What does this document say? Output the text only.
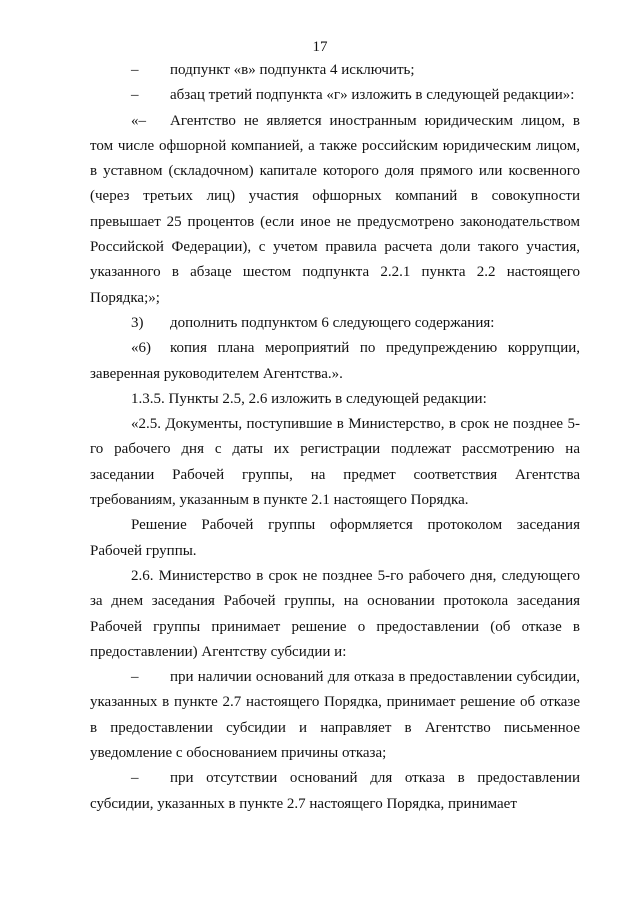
17

– подпункт «в» подпункта 4 исключить;

– абзац третий подпункта «г» изложить в следующей редакции»:

«– Агентство не является иностранным юридическим лицом, в том числе офшорной компанией, а также российским юридическим лицом, в уставном (складочном) капитале которого доля прямого или косвенного (через третьих лиц) участия офшорных компаний в совокупности превышает 25 процентов (если иное не предусмотрено законодательством Российской Федерации), с учетом правила расчета доли такого участия, указанного в абзаце шестом подпункта 2.2.1 пункта 2.2 настоящего Порядка;»;

3) дополнить подпунктом 6 следующего содержания:

«6) копия плана мероприятий по предупреждению коррупции, заверенная руководителем Агентства.».

1.3.5. Пункты 2.5, 2.6 изложить в следующей редакции:

«2.5. Документы, поступившие в Министерство, в срок не позднее 5-го рабочего дня с даты их регистрации подлежат рассмотрению на заседании Рабочей группы, на предмет соответствия Агентства требованиям, указанным в пункте 2.1 настоящего Порядка.

Решение Рабочей группы оформляется протоколом заседания Рабочей группы.

2.6. Министерство в срок не позднее 5-го рабочего дня, следующего за днем заседания Рабочей группы, на основании протокола заседания Рабочей группы принимает решение о предоставлении (об отказе в предоставлении) Агентству субсидии и:

– при наличии оснований для отказа в предоставлении субсидии, указанных в пункте 2.7 настоящего Порядка, принимает решение об отказе в предоставлении субсидии и направляет в Агентство письменное уведомление с обоснованием причины отказа;

– при отсутствии оснований для отказа в предоставлении субсидии, указанных в пункте 2.7 настоящего Порядка, принимает
